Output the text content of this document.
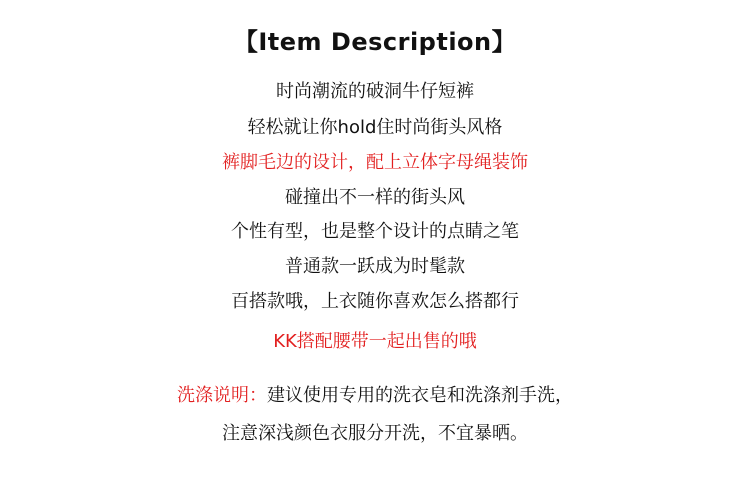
【Item Description】
时尚潮流的破洞牛仔短裤
轻松就让你hold住时尚街头风格
裤脚毛边的设计，配上立体字母绳装饰
碰撞出不一样的街头风
个性有型，也是整个设计的点睛之笔
普通款一跃成为时髦款
百搭款哦，上衣随你喜欢怎么搭都行
KK搭配腰带一起出售的哦
洗涤说明：建议使用专用的洗衣皂和洗涤剂手洗，
注意深浅颜色衣服分开洗，不宜暴晒。
